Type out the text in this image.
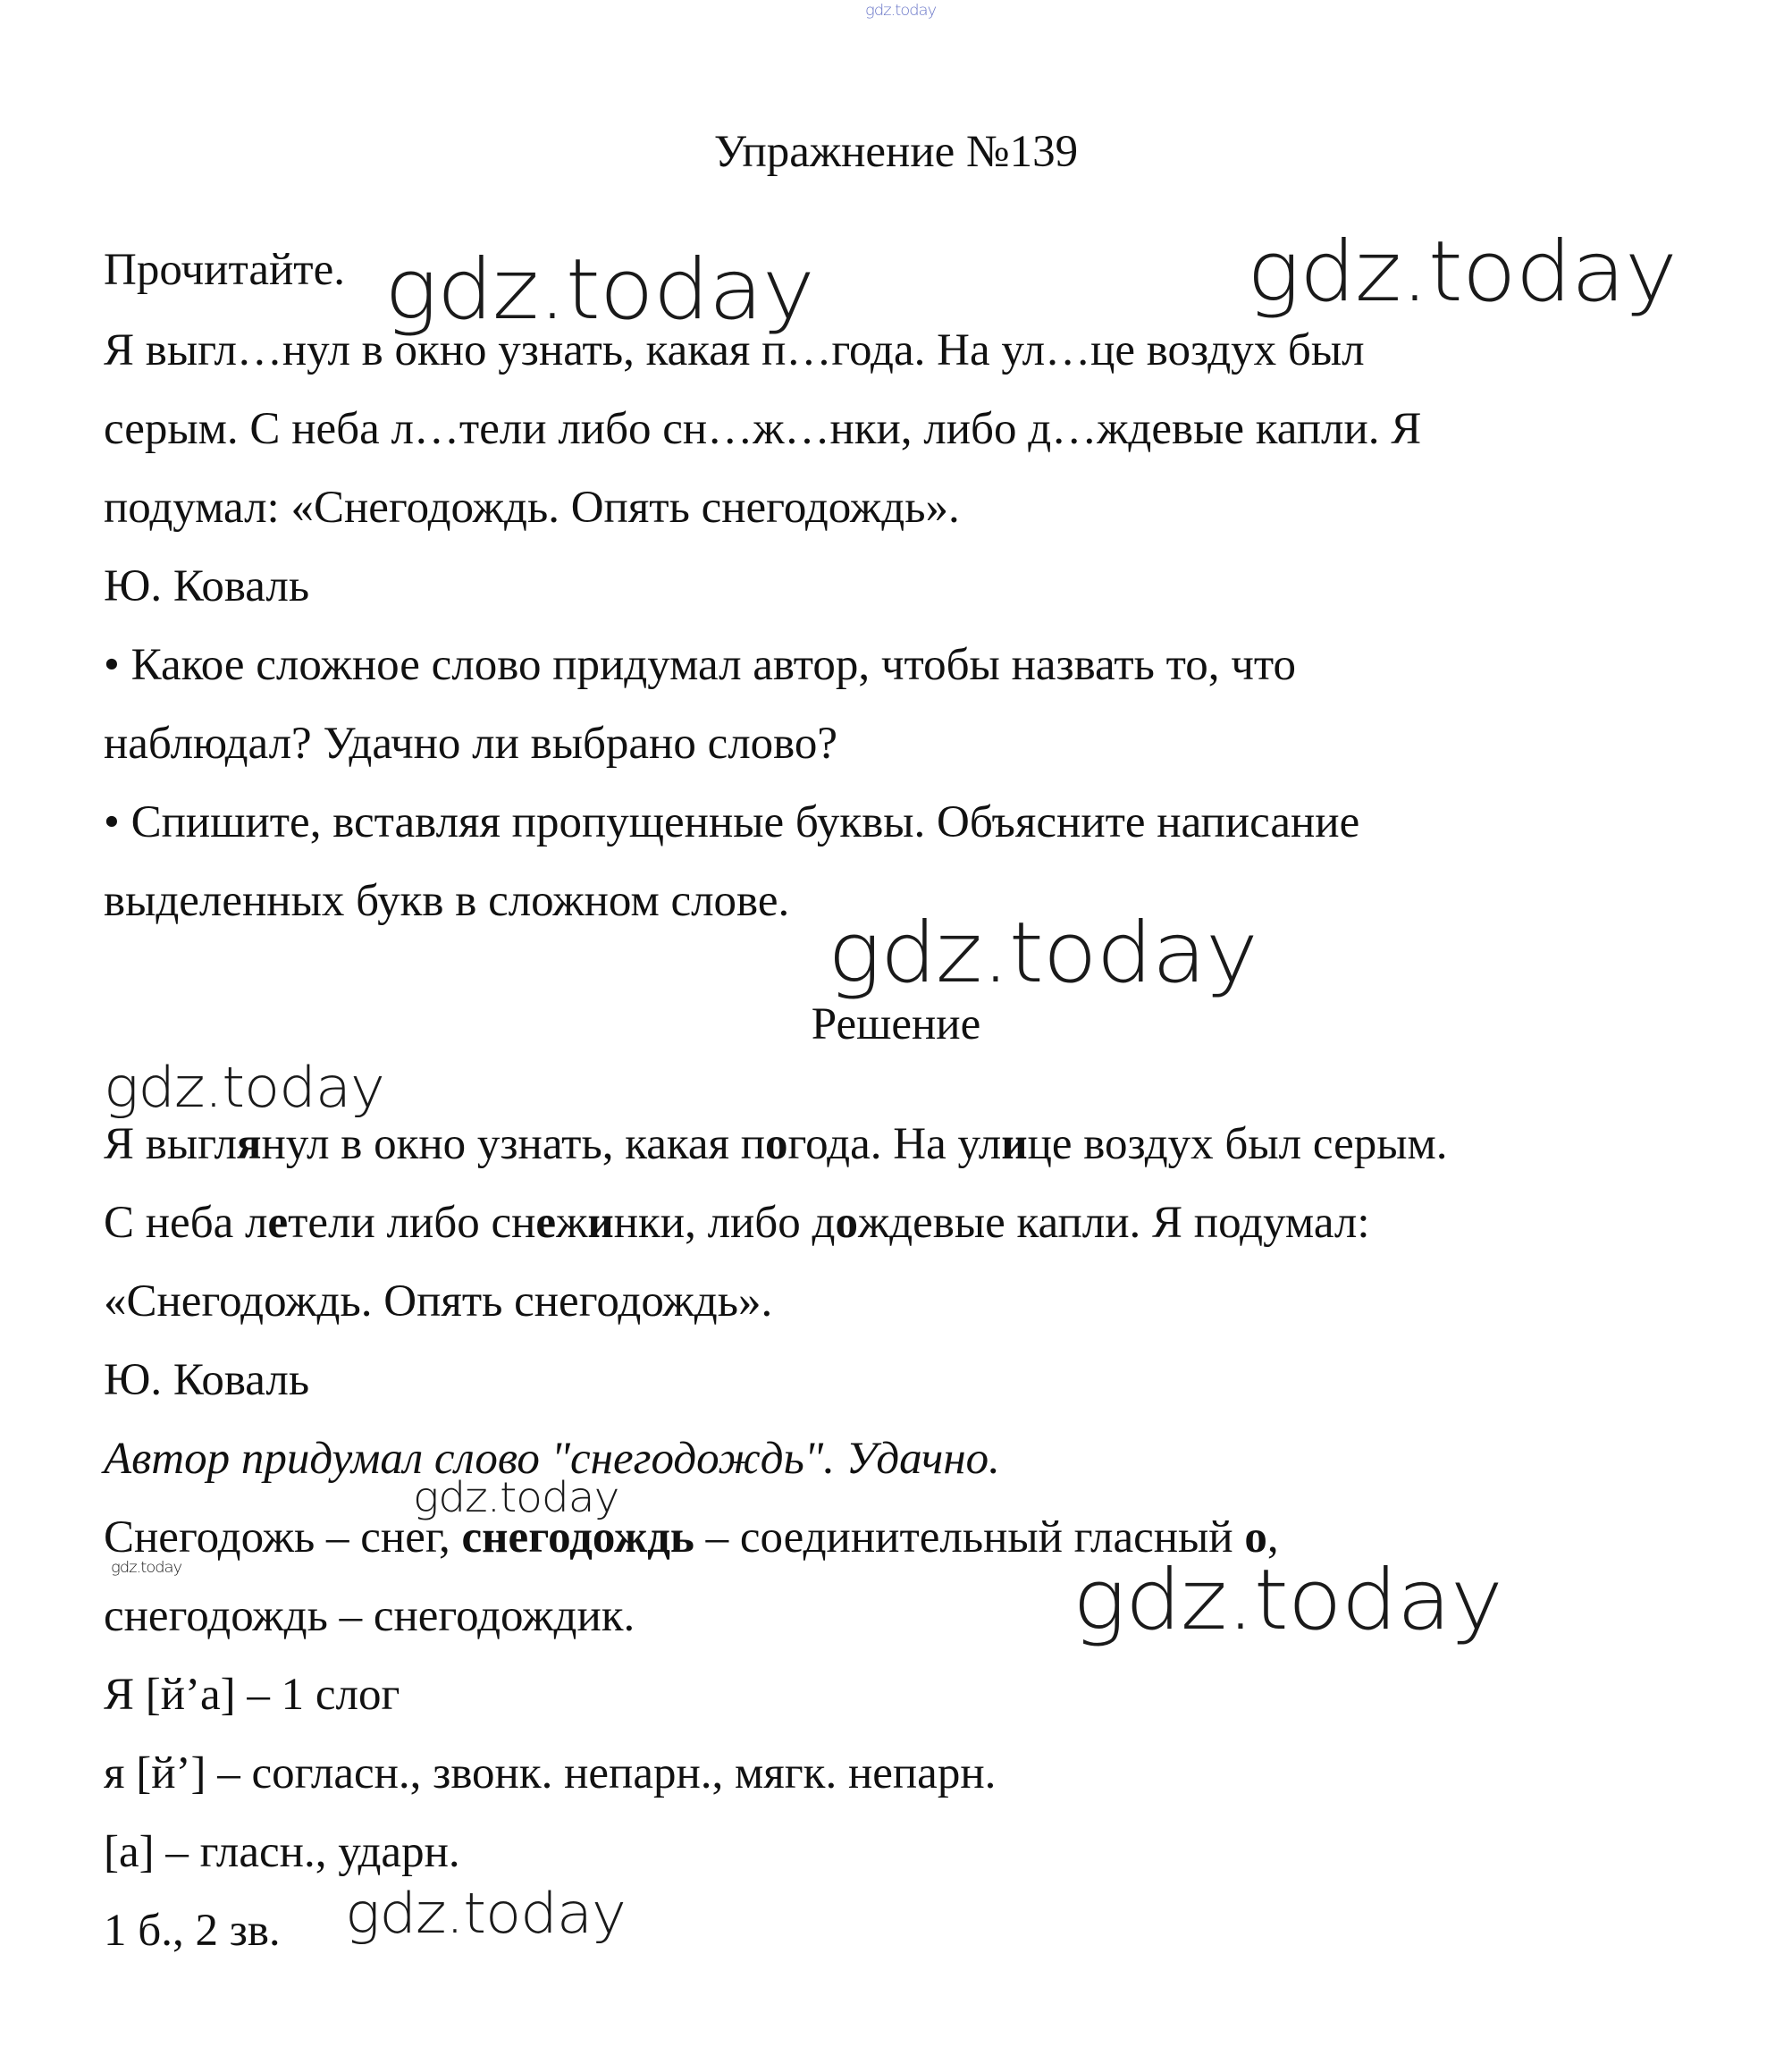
gdz.today
Упражнение №139
Прочитайте.
Я выгл…нул в окно узнать, какая п…года. На ул…це воздух был
серым. С неба л…тели либо сн…ж…нки, либо д…ждевые капли. Я
подумал: «Снегодождь. Опять снегодождь».
Ю. Коваль
• Какое сложное слово придумал автор, чтобы назвать то, что
наблюдал? Удачно ли выбрано слово?
• Спишите, вставляя пропущенные буквы. Объясните написание
выделенных букв в сложном слове.
Решение
Я выглянул в окно узнать, какая погода. На улице воздух был серым.
С неба летели либо снежинки, либо дождевые капли. Я подумал:
«Снегодождь. Опять снегодождь».
Ю. Коваль
Автор придумал слово "снегодождь". Удачно.
Снегодожь – снег, снегодождь – соединительный гласный о,
снегодождь – снегодождик.
Я [й’а] – 1 слог
я [й’] – согласн., звонк. непарн., мягк. непарн.
[а] – гласн., ударн.
1 б., 2 зв.
gdz.today	gdz.today
gdz.today
gdz.today
gdz.today
gdz.today	gdz.today
gdz.today
